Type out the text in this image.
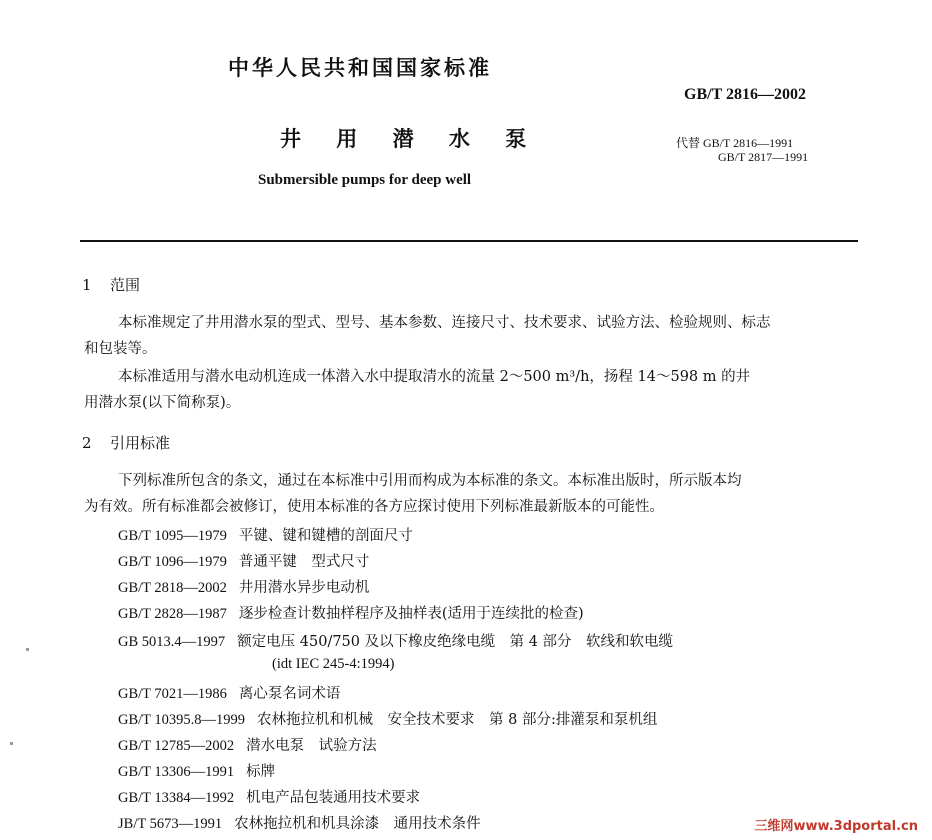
中华人民共和国国家标准
GB/T 2816—2002
井 用 潜 水 泵	代替 GB/T 2816—1991
GB/T 2817—1991
Submersible pumps for deep well
1 范围
本标准规定了井用潜水泵的型式、型号、基本参数、连接尺寸、技术要求、试验方法、检验规则、标志
和包装等。
本标准适用与潜水电动机连成一体潜入水中提取清水的流量 2～500 m³/h，扬程 14～598 m 的井
用潜水泵(以下简称泵)。
2 引用标准
下列标准所包含的条文，通过在本标准中引用而构成为本标准的条文。本标准出版时，所示版本均
为有效。所有标准都会被修订，使用本标准的各方应探讨使用下列标准最新版本的可能性。
GB/T 1095—1979 平键、键和键槽的剖面尺寸
GB/T 1096—1979 普通平键　型式尺寸
GB/T 2818—2002 井用潜水异步电动机
GB/T 2828—1987 逐步检查计数抽样程序及抽样表(适用于连续批的检查)
GB 5013.4—1997 额定电压 450/750 及以下橡皮绝缘电缆　第 4 部分　软线和软电缆
(idt IEC 245-4:1994)
GB/T 7021—1986 离心泵名词术语
GB/T 10395.8—1999 农林拖拉机和机械　安全技术要求　第 8 部分:排灌泵和泵机组
GB/T 12785—2002 潜水电泵　试验方法
GB/T 13306—1991 标牌
GB/T 13384—1992 机电产品包装通用技术要求
JB/T 5673—1991 农林拖拉机和机具涂漆　通用技术条件	三维网www.3dportal.cn
